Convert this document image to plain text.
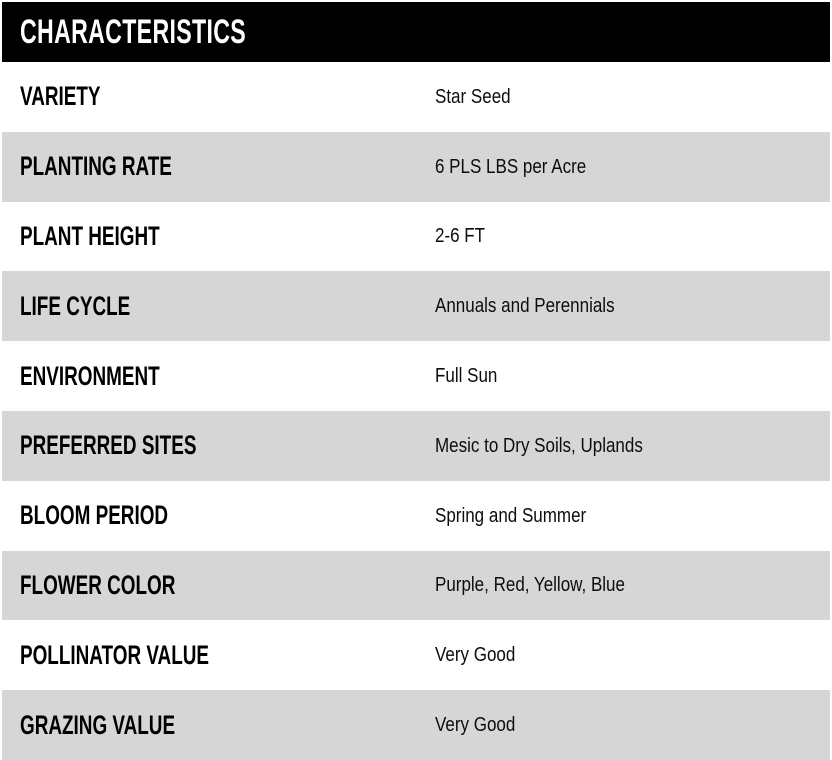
CHARACTERISTICS
VARIETY	Star Seed
PLANTING RATE	6 PLS LBS per Acre
PLANT HEIGHT	2-6 FT
LIFE CYCLE	Annuals and Perennials
ENVIRONMENT	Full Sun
PREFERRED SITES	Mesic to Dry Soils, Uplands
BLOOM PERIOD	Spring and Summer
FLOWER COLOR	Purple, Red, Yellow, Blue
POLLINATOR VALUE	Very Good
GRAZING VALUE	Very Good
